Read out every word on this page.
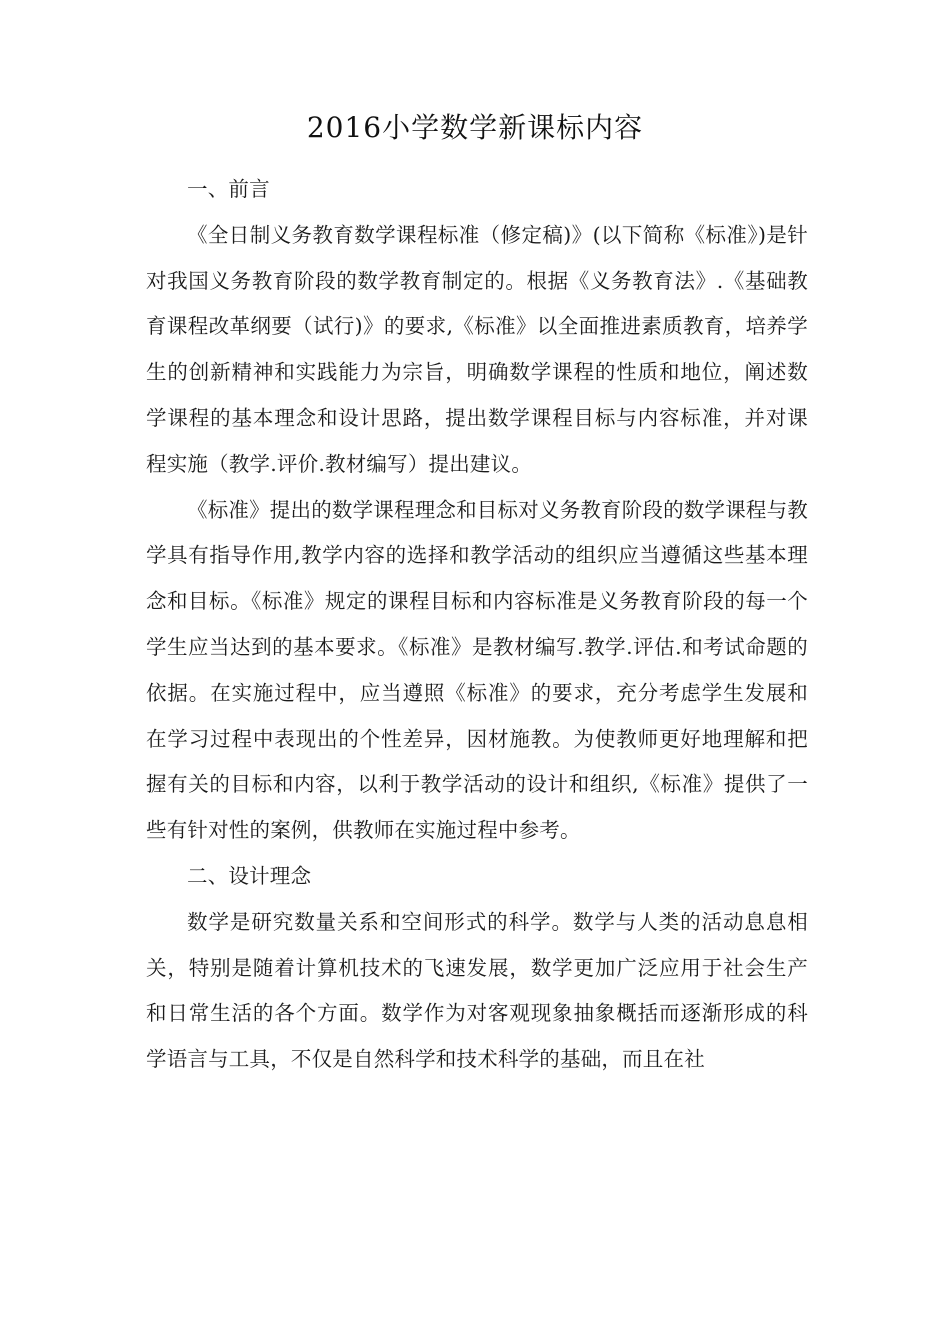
2016小学数学新课标内容
一、前言

《全日制义务教育数学课程标准（修定稿)》(以下简称《标准》)是针对我国义务教育阶段的数学教育制定的。根据《义务教育法》.《基础教育课程改革纲要（试行)》的要求,《标准》以全面推进素质教育，培养学生的创新精神和实践能力为宗旨，明确数学课程的性质和地位，阐述数学课程的基本理念和设计思路，提出数学课程目标与内容标准，并对课程实施（教学.评价.教材编写）提出建议。

《标准》提出的数学课程理念和目标对义务教育阶段的数学课程与教学具有指导作用,教学内容的选择和教学活动的组织应当遵循这些基本理念和目标。《标准》规定的课程目标和内容标准是义务教育阶段的每一个学生应当达到的基本要求。《标准》是教材编写.教学.评估.和考试命题的依据。在实施过程中，应当遵照《标准》的要求，充分考虑学生发展和在学习过程中表现出的个性差异，因材施教。为使教师更好地理解和把握有关的目标和内容，以利于教学活动的设计和组织,《标准》提供了一些有针对性的案例，供教师在实施过程中参考。

二、设计理念

数学是研究数量关系和空间形式的科学。数学与人类的活动息息相关，特别是随着计算机技术的飞速发展，数学更加广泛应用于社会生产和日常生活的各个方面。数学作为对客观现象抽象概括而逐渐形成的科学语言与工具，不仅是自然科学和技术科学的基础，而且在社
